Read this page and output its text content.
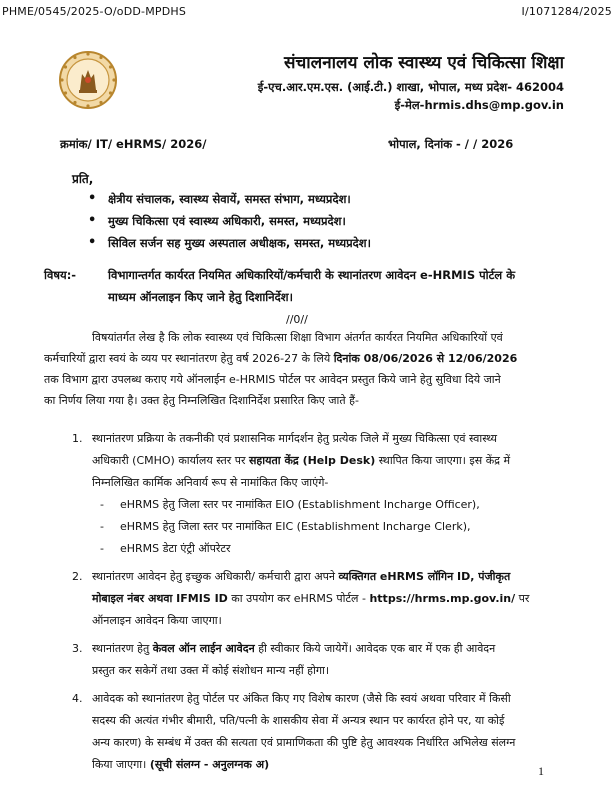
PHME/0545/2025-O/oDD-MPDHS	I/1071284/2025
संचालनालय लोक स्वास्थ्य एवं चिकित्सा शिक्षा
ई-एच.आर.एम.एस. (आई.टी.) शाखा, भोपाल, मध्य प्रदेश- 462004
ई-मेल-hrmis.dhs@mp.gov.in
क्रमांक/ IT/ eHRMS/ 2026/	भोपाल, दिनांक - / / 2026
प्रति,
• क्षेत्रीय संचालक, स्वास्थ्य सेवायें, समस्त संभाग, मध्यप्रदेश।
• मुख्य चिकित्सा एवं स्वास्थ्य अधिकारी, समस्त, मध्यप्रदेश।
• सिविल सर्जन सह मुख्य अस्पताल अधीक्षक, समस्त, मध्यप्रदेश।
विषय:-	विभागान्तर्गत कार्यरत नियमित अधिकारियों/कर्मचारी के स्थानांतरण आवेदन e-HRMIS पोर्टल के
माध्यम ऑनलाइन किए जाने हेतु दिशानिर्देश।
//0//
विषयांतर्गत लेख है कि लोक स्वास्थ्य एवं चिकित्सा शिक्षा विभाग अंतर्गत कार्यरत नियमित अधिकारियों एवं
कर्मचारियों द्वारा स्वयं के व्यय पर स्थानांतरण हेतु वर्ष 2026-27 के लिये दिनांक 08/06/2026 से 12/06/2026
तक विभाग द्वारा उपलब्ध कराए गये ऑनलाईन e-HRMIS पोर्टल पर आवेदन प्रस्तुत किये जाने हेतु सुविधा दिये जाने
का निर्णय लिया गया है। उक्त हेतु निम्नलिखित दिशानिर्देश प्रसारित किए जाते हैं-
1. स्थानांतरण प्रक्रिया के तकनीकी एवं प्रशासनिक मार्गदर्शन हेतु प्रत्येक जिले में मुख्य चिकित्सा एवं स्वास्थ्य
अधिकारी (CMHO) कार्यालय स्तर पर सहायता केंद्र (Help Desk) स्थापित किया जाएगा। इस केंद्र में
निम्नलिखित कार्मिक अनिवार्य रूप से नामांकित किए जाएंगे-
- eHRMS हेतु जिला स्तर पर नामांकित EIO (Establishment Incharge Officer),
- eHRMS हेतु जिला स्तर पर नामांकित EIC (Establishment Incharge Clerk),
- eHRMS डेटा एंट्री ऑपरेटर
2. स्थानांतरण आवेदन हेतु इच्छुक अधिकारी/ कर्मचारी द्वारा अपने व्यक्तिगत eHRMS लॉगिन ID, पंजीकृत
मोबाइल नंबर अथवा IFMIS ID का उपयोग कर eHRMS पोर्टल - https://hrms.mp.gov.in/ पर
ऑनलाइन आवेदन किया जाएगा।
3. स्थानांतरण हेतु केवल ऑन लाईन आवेदन ही स्वीकार किये जायेगें। आवेदक एक बार में एक ही आवेदन
प्रस्तुत कर सकेगें तथा उक्त में कोई संशोधन मान्य नहीं होगा।
4. आवेदक को स्थानांतरण हेतु पोर्टल पर अंकित किए गए विशेष कारण (जैसे कि स्वयं अथवा परिवार में किसी
सदस्य की अत्यंत गंभीर बीमारी, पति/पत्नी के शासकीय सेवा में अन्यत्र स्थान पर कार्यरत होने पर, या कोई
अन्य कारण) के सम्बंध में उक्त की सत्यता एवं प्रामाणिकता की पुष्टि हेतु आवश्यक निर्धारित अभिलेख संलग्न
किया जाएगा। (सूची संलग्न - अनुलग्नक अ)	1
